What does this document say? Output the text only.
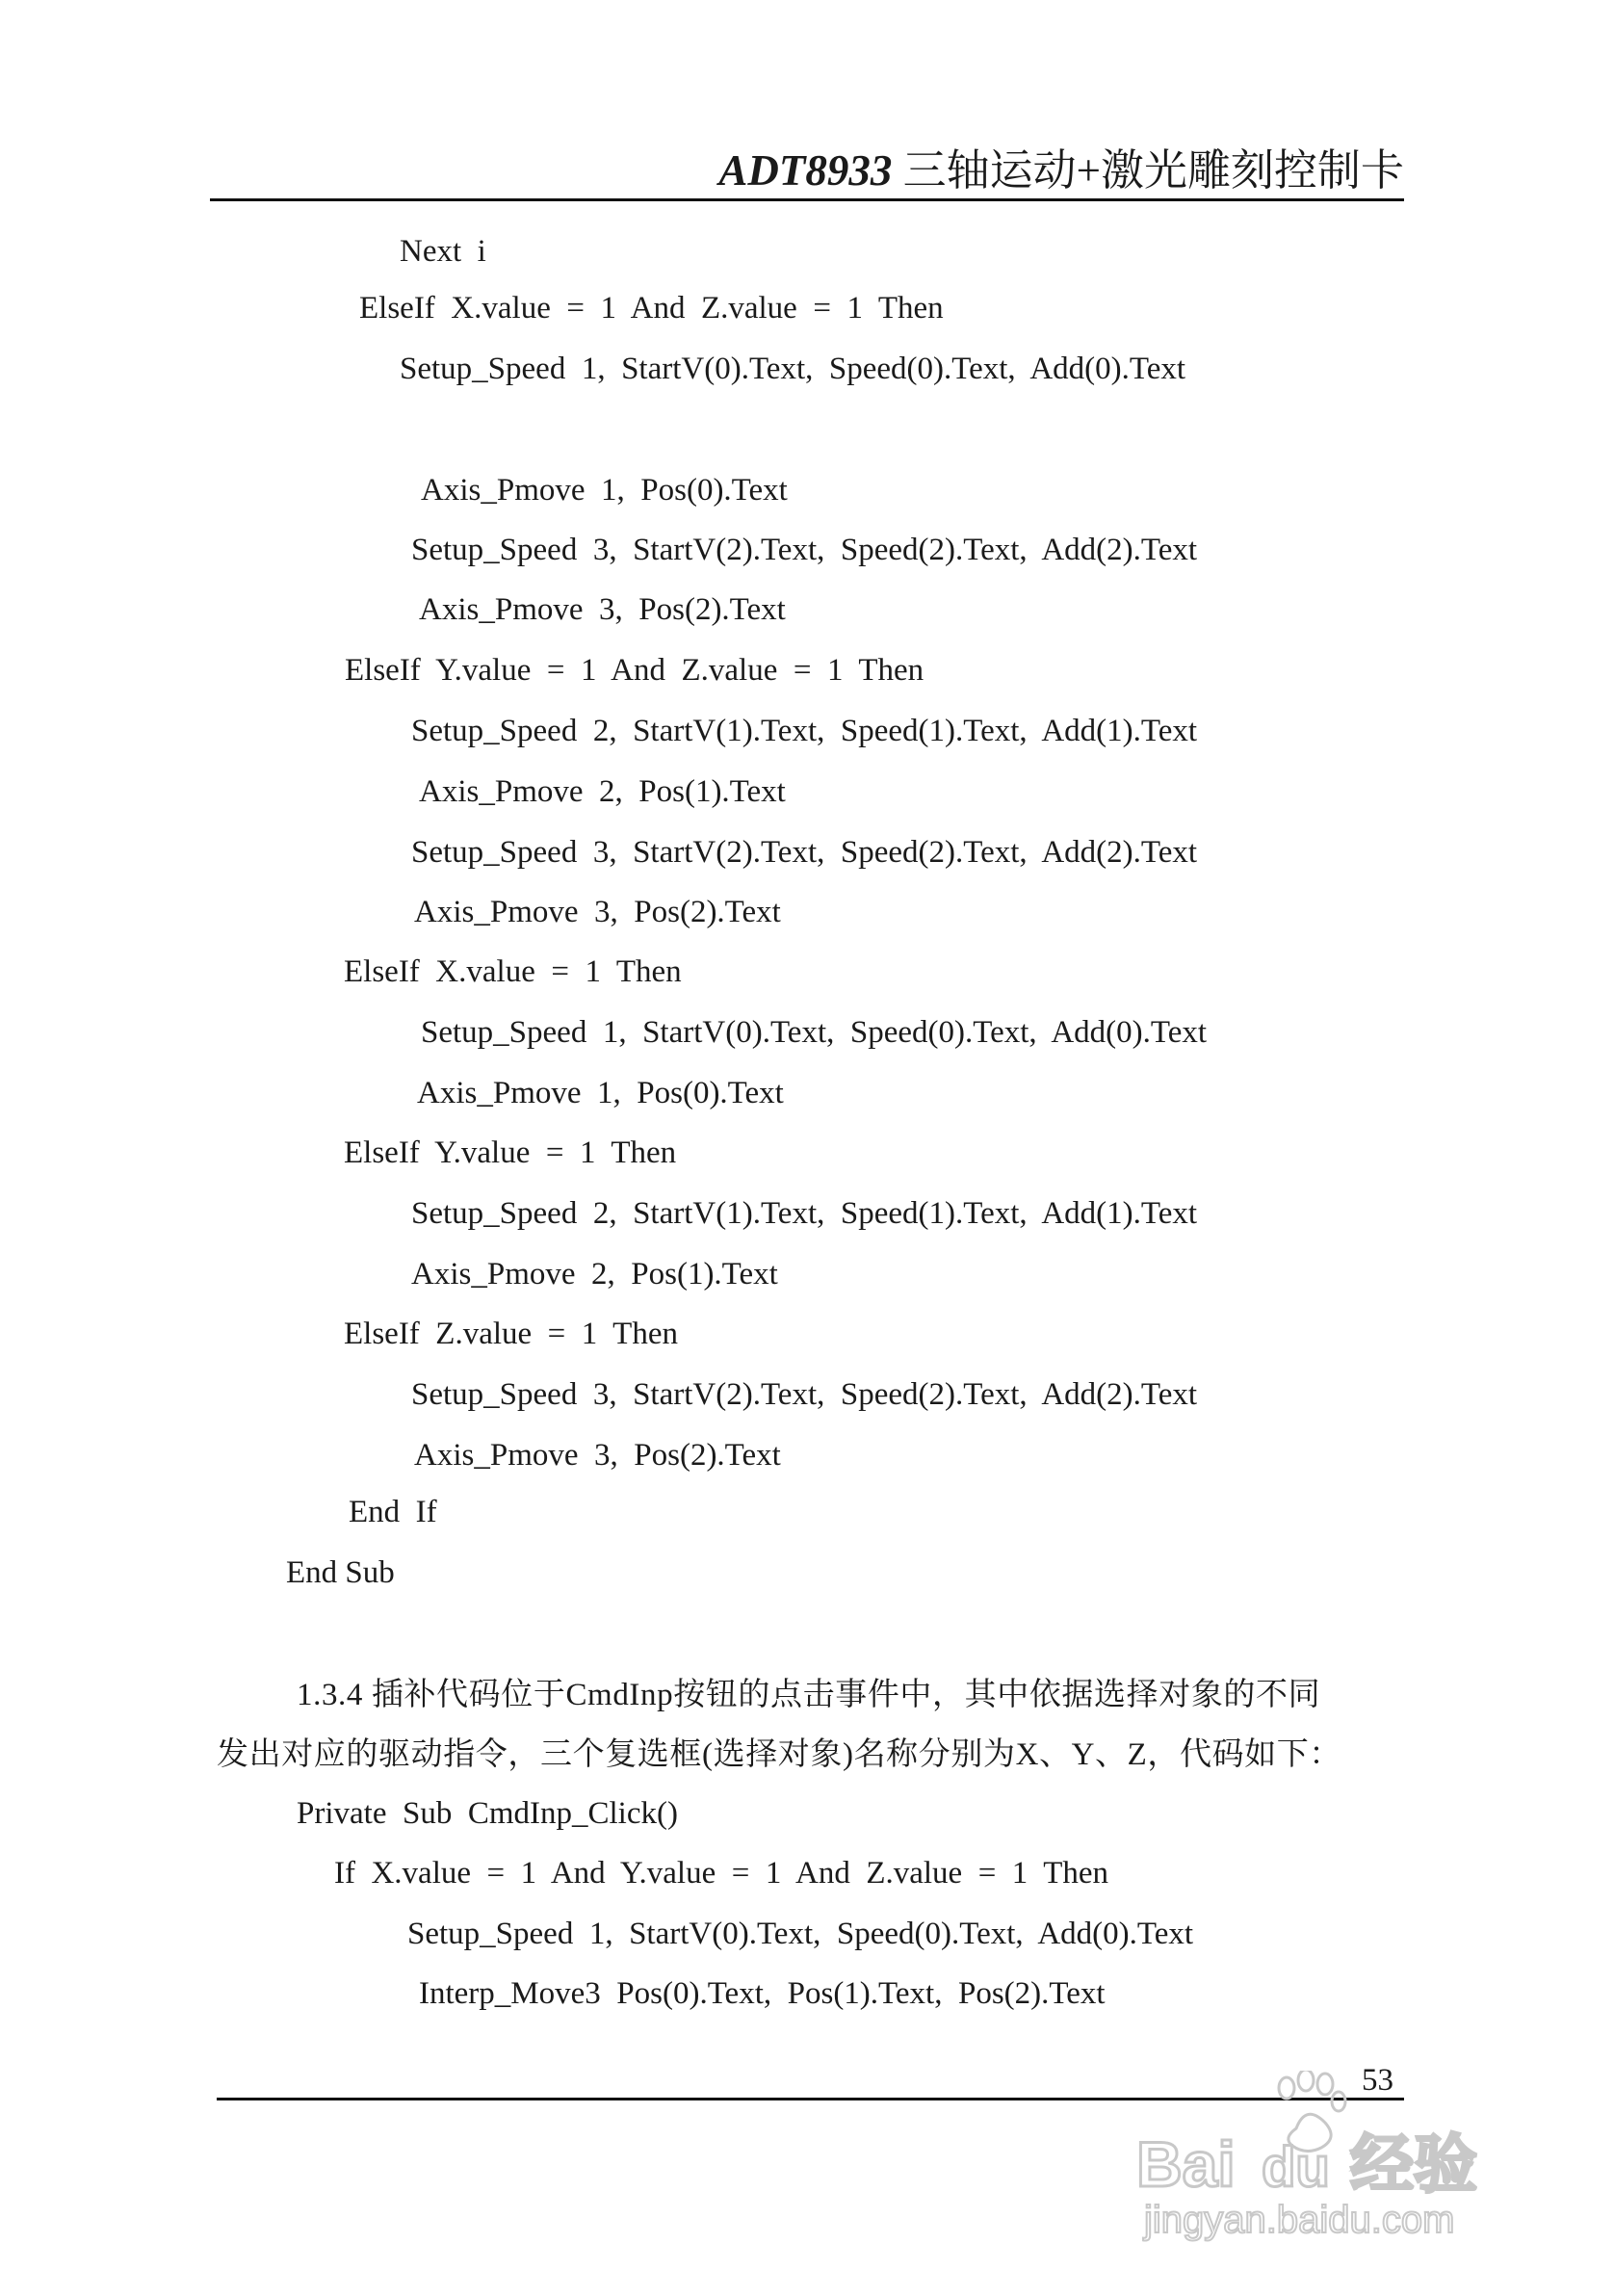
ADT8933 三轴运动+激光雕刻控制卡
Next  i
ElseIf  X.value  =  1  And  Z.value  =  1  Then
Setup_Speed  1,  StartV(0).Text,  Speed(0).Text,  Add(0).Text
Axis_Pmove  1,  Pos(0).Text
Setup_Speed  3,  StartV(2).Text,  Speed(2).Text,  Add(2).Text
Axis_Pmove  3,  Pos(2).Text
ElseIf  Y.value  =  1  And  Z.value  =  1  Then
Setup_Speed  2,  StartV(1).Text,  Speed(1).Text,  Add(1).Text
Axis_Pmove  2,  Pos(1).Text
Setup_Speed  3,  StartV(2).Text,  Speed(2).Text,  Add(2).Text
Axis_Pmove  3,  Pos(2).Text
ElseIf  X.value  =  1  Then
Setup_Speed  1,  StartV(0).Text,  Speed(0).Text,  Add(0).Text
Axis_Pmove  1,  Pos(0).Text
ElseIf  Y.value  =  1  Then
Setup_Speed  2,  StartV(1).Text,  Speed(1).Text,  Add(1).Text
Axis_Pmove  2,  Pos(1).Text
ElseIf  Z.value  =  1  Then
Setup_Speed  3,  StartV(2).Text,  Speed(2).Text,  Add(2).Text
Axis_Pmove  3,  Pos(2).Text
End  If
End Sub
1.3.4 插补代码位于CmdInp按钮的点击事件中，其中依据选择对象的不同
发出对应的驱动指令，三个复选框(选择对象)名称分别为X、Y、Z，代码如下：
Private  Sub  CmdInp_Click()
If  X.value  =  1  And  Y.value  =  1  And  Z.value  =  1  Then
Setup_Speed  1,  StartV(0).Text,  Speed(0).Text,  Add(0).Text
Interp_Move3  Pos(0).Text,  Pos(1).Text,  Pos(2).Text
53
Bai du 经验
jingyan.baidu.com
